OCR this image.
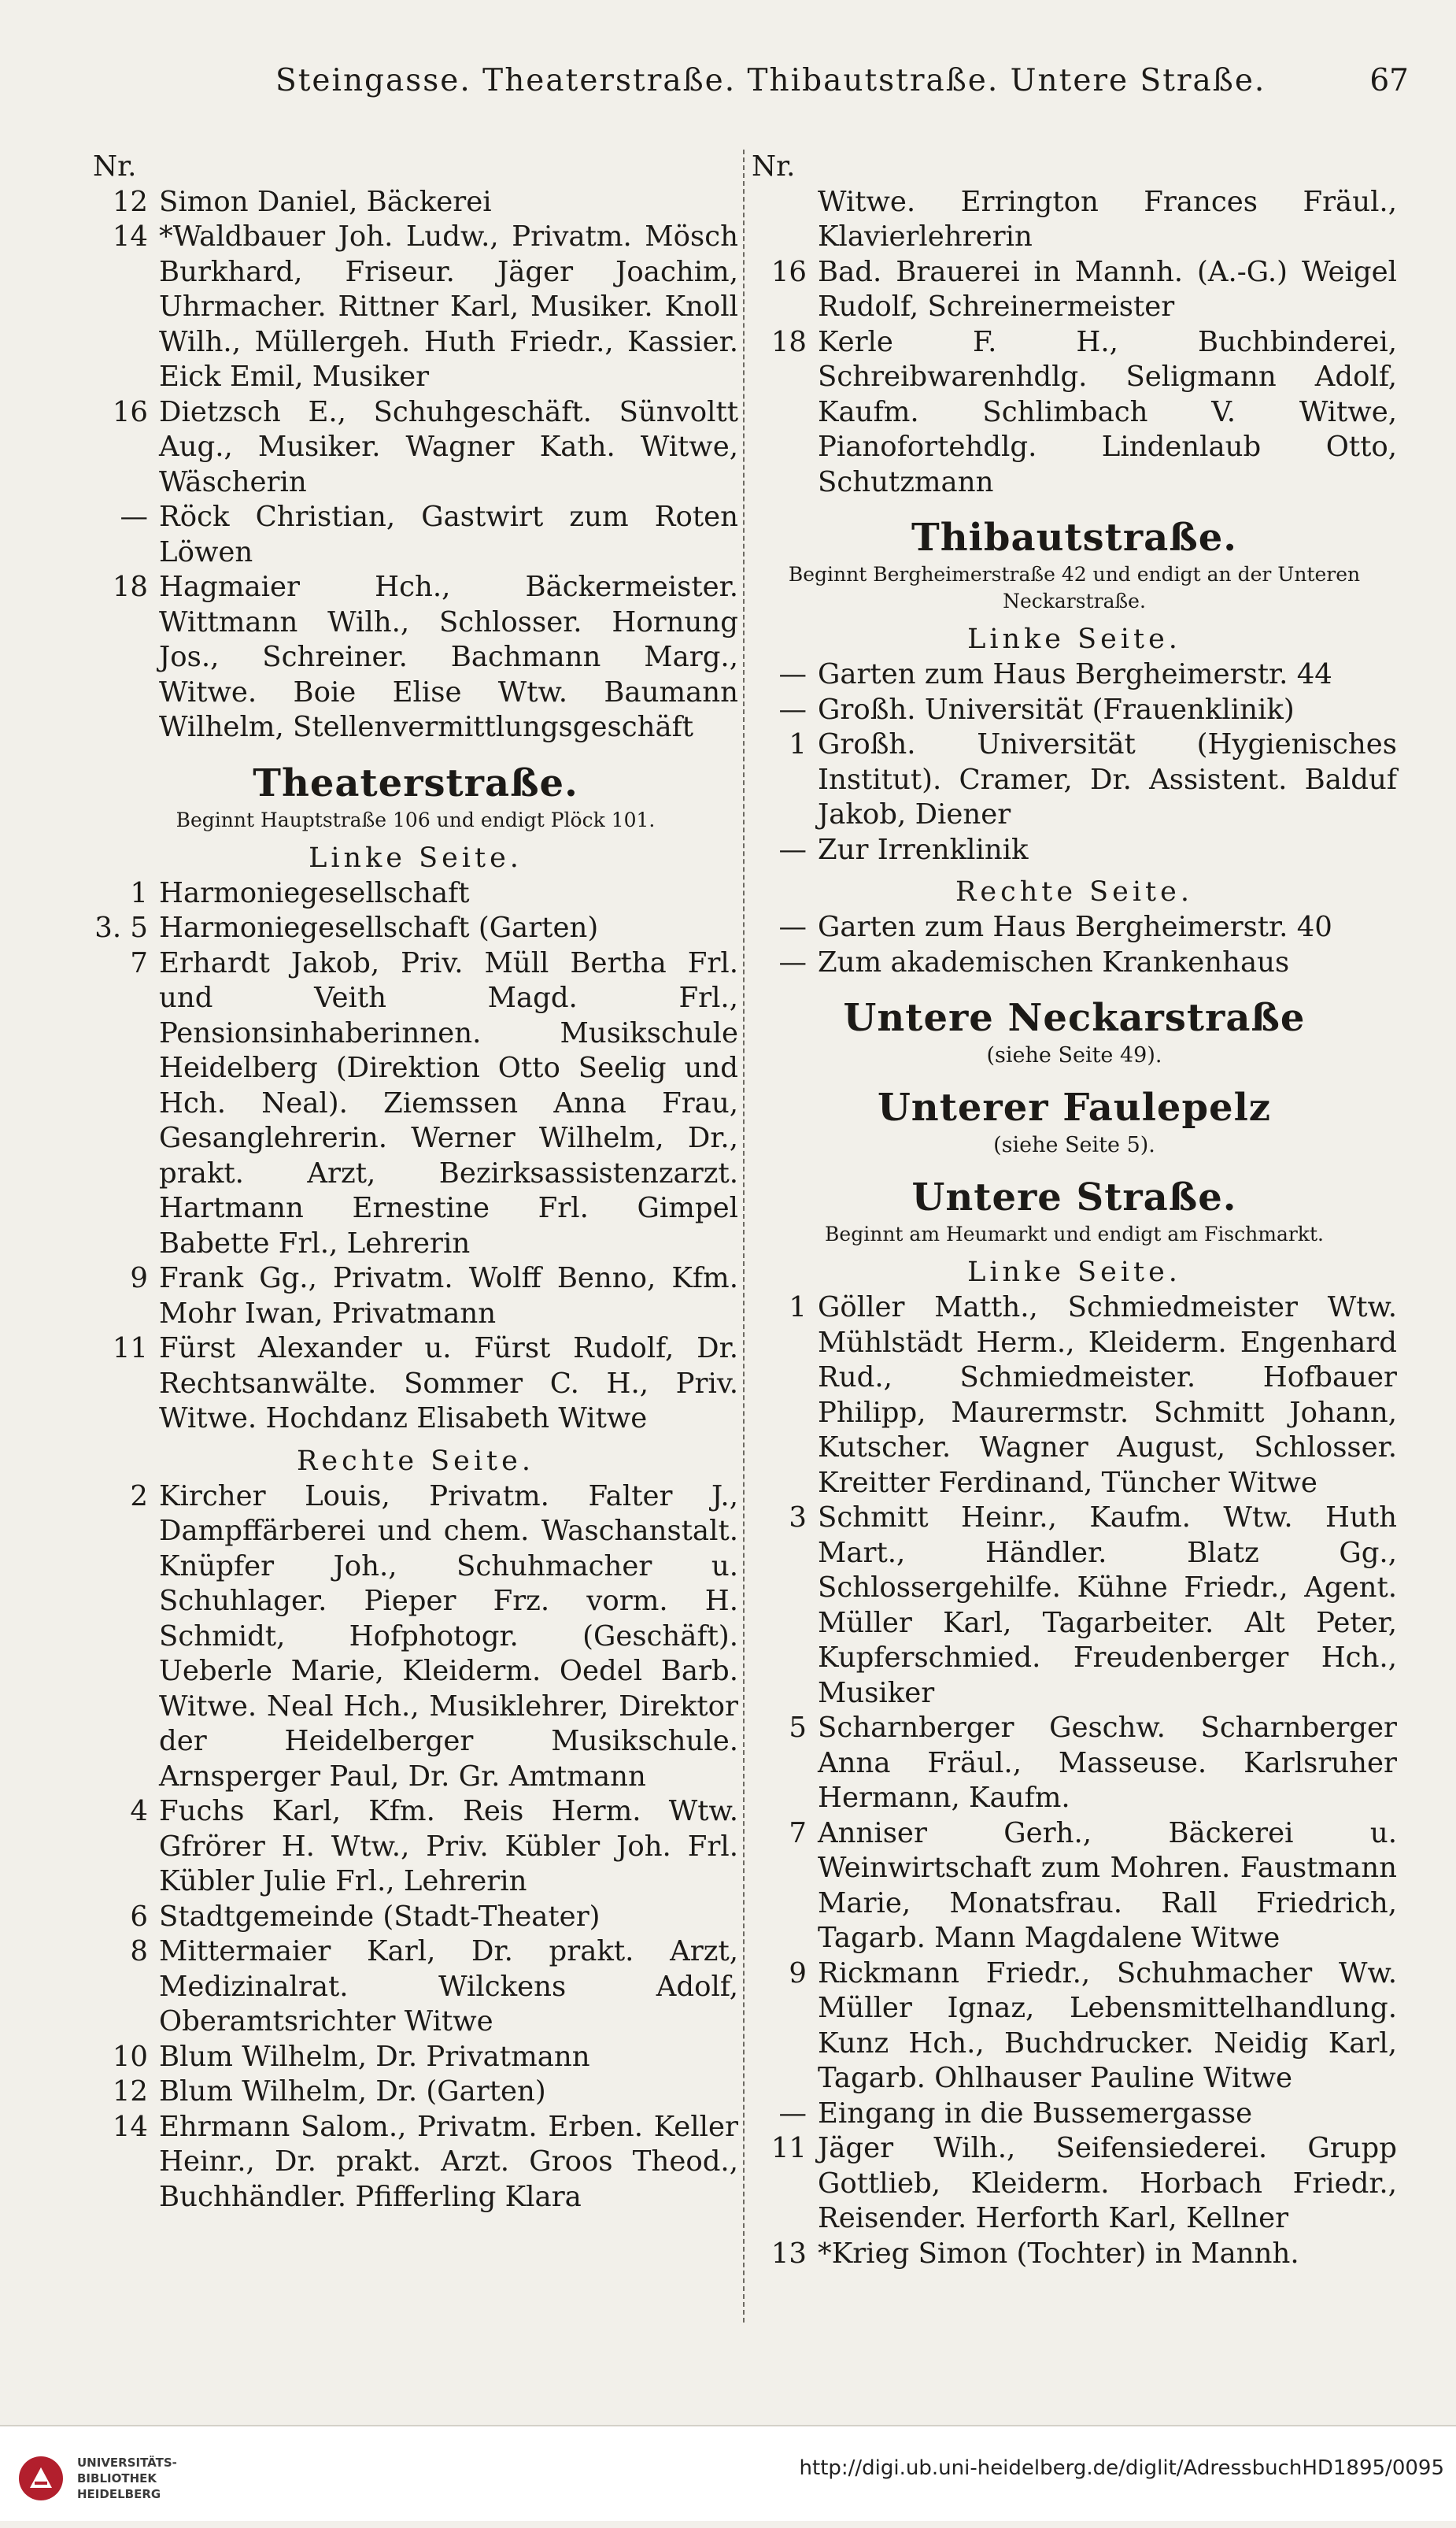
Steingasse. Theaterstraße. Thibautstraße. Untere Straße.	67
Nr.
12 Simon Daniel, Bäckerei
14 *Waldbauer Joh. Ludw., Privatm. Mösch Burkhard, Friseur. Jäger Joachim, Uhrmacher. Rittner Karl, Musiker. Knoll Wilh., Müllergeh. Huth Friedr., Kassier. Eick Emil, Musiker
16 Dietzsch E., Schuhgeschäft. Sünvoltt Aug., Musiker. Wagner Kath. Witwe, Wäscherin
— Röck Christian, Gastwirt zum Roten Löwen
18 Hagmaier Hch., Bäckermeister. Wittmann Wilh., Schlosser. Hornung Jos., Schreiner. Bachmann Marg., Witwe. Boie Elise Wtw. Baumann Wilhelm, Stellenvermittlungsgeschäft
Theaterstraße.
Beginnt Hauptstraße 106 und endigt Plöck 101.
Linke Seite.
1 Harmoniegesellschaft
3. 5 Harmoniegesellschaft (Garten)
7 Erhardt Jakob, Priv. Müll Bertha Frl. und Veith Magd. Frl., Pensionsinhaberinnen. Musikschule Heidelberg (Direktion Otto Seelig und Hch. Neal). Ziemssen Anna Frau, Gesanglehrerin. Werner Wilhelm, Dr., prakt. Arzt, Bezirksassistenzarzt. Hartmann Ernestine Frl. Gimpel Babette Frl., Lehrerin
9 Frank Gg., Privatm. Wolff Benno, Kfm. Mohr Iwan, Privatmann
11 Fürst Alexander u. Fürst Rudolf, Dr. Rechtsanwälte. Sommer C. H., Priv. Witwe. Hochdanz Elisabeth Witwe
Rechte Seite.
2 Kircher Louis, Privatm. Falter J., Dampffärberei und chem. Waschanstalt. Knüpfer Joh., Schuhmacher u. Schuhlager. Pieper Frz. vorm. H. Schmidt, Hofphotogr. (Geschäft). Ueberle Marie, Kleiderm. Oedel Barb. Witwe. Neal Hch., Musiklehrer, Direktor der Heidelberger Musikschule. Arnsperger Paul, Dr. Gr. Amtmann
4 Fuchs Karl, Kfm. Reis Herm. Wtw. Gfrörer H. Wtw., Priv. Kübler Joh. Frl. Kübler Julie Frl., Lehrerin
6 Stadtgemeinde (Stadt-Theater)
8 Mittermaier Karl, Dr. prakt. Arzt, Medizinalrat. Wilckens Adolf, Oberamtsrichter Witwe
10 Blum Wilhelm, Dr. Privatmann
12 Blum Wilhelm, Dr. (Garten)
14 Ehrmann Salom., Privatm. Erben. Keller Heinr., Dr. prakt. Arzt. Groos Theod., Buchhändler. Pfifferling Klara
Nr.
Witwe. Errington Frances Fräul., Klavierlehrerin
16 Bad. Brauerei in Mannh. (A.-G.) Weigel Rudolf, Schreinermeister
18 Kerle F. H., Buchbinderei, Schreibwarenhdlg. Seligmann Adolf, Kaufm. Schlimbach V. Witwe, Pianofortehdlg. Lindenlaub Otto, Schutzmann
Thibautstraße.
Beginnt Bergheimerstraße 42 und endigt an der Unteren Neckarstraße.
Linke Seite.
— Garten zum Haus Bergheimerstr. 44
— Großh. Universität (Frauenklinik)
1 Großh. Universität (Hygienisches Institut). Cramer, Dr. Assistent. Balduf Jakob, Diener
— Zur Irrenklinik
Rechte Seite.
— Garten zum Haus Bergheimerstr. 40
— Zum akademischen Krankenhaus
Untere Neckarstraße
(siehe Seite 49).
Unterer Faulepelz
(siehe Seite 5).
Untere Straße.
Beginnt am Heumarkt und endigt am Fischmarkt.
Linke Seite.
1 Göller Matth., Schmiedmeister Wtw. Mühlstädt Herm., Kleiderm. Engenhard Rud., Schmiedmeister. Hofbauer Philipp, Maurermstr. Schmitt Johann, Kutscher. Wagner August, Schlosser. Kreitter Ferdinand, Tüncher Witwe
3 Schmitt Heinr., Kaufm. Wtw. Huth Mart., Händler. Blatz Gg., Schlossergehilfe. Kühne Friedr., Agent. Müller Karl, Tagarbeiter. Alt Peter, Kupferschmied. Freudenberger Hch., Musiker
5 Scharnberger Geschw. Scharnberger Anna Fräul., Masseuse. Karlsruher Hermann, Kaufm.
7 Anniser Gerh., Bäckerei u. Weinwirtschaft zum Mohren. Faustmann Marie, Monatsfrau. Rall Friedrich, Tagarb. Mann Magdalene Witwe
9 Rickmann Friedr., Schuhmacher Ww. Müller Ignaz, Lebensmittelhandlung. Kunz Hch., Buchdrucker. Neidig Karl, Tagarb. Ohlhauser Pauline Witwe
— Eingang in die Bussemergasse
11 Jäger Wilh., Seifensiederei. Grupp Gottlieb, Kleiderm. Horbach Friedr., Reisender. Herforth Karl, Kellner
13 *Krieg Simon (Tochter) in Mannh.
UNIVERSITÄTS-
BIBLIOTHEK
HEIDELBERG
http://digi.ub.uni-heidelberg.de/diglit/AdressbuchHD1895/0095
